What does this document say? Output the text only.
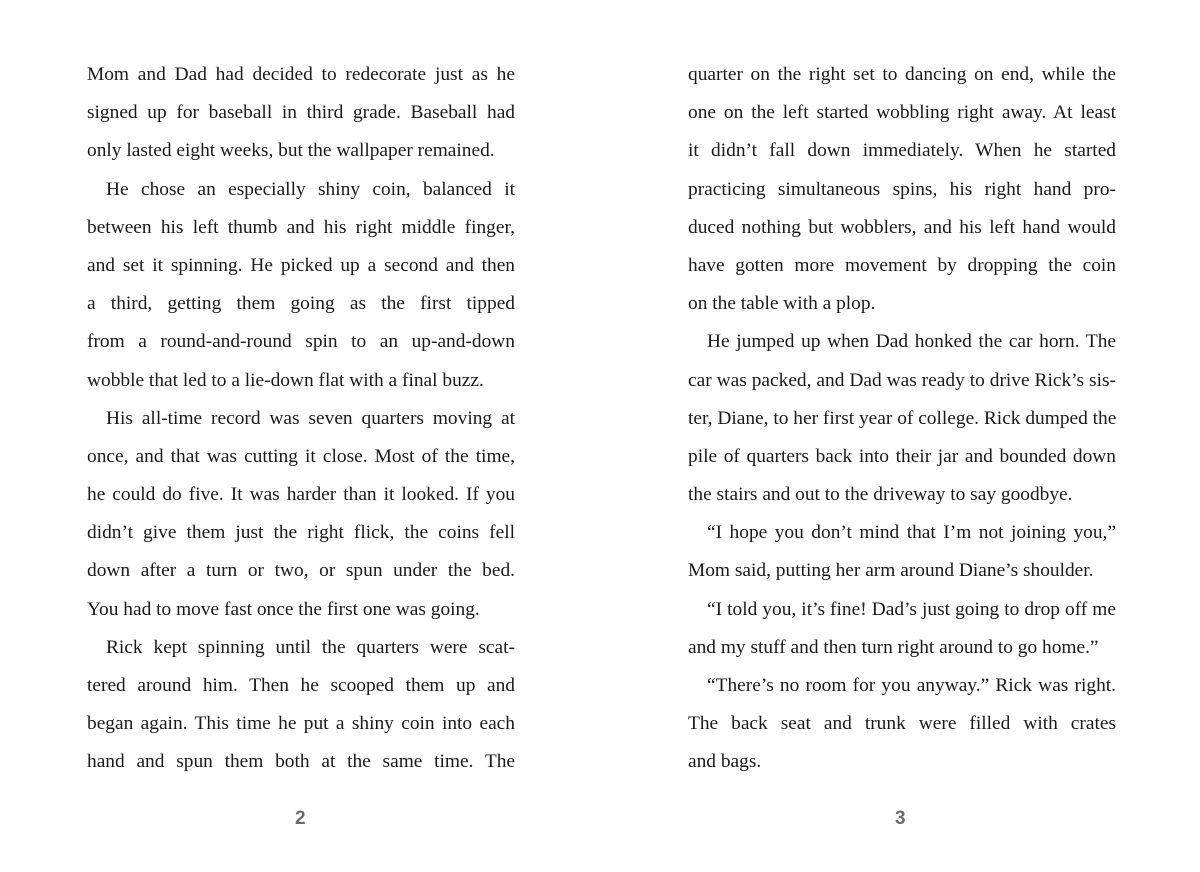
Mom and Dad had decided to redecorate just as he
signed up for baseball in third grade. Baseball had
only lasted eight weeks, but the wallpaper remained.
He chose an especially shiny coin, balanced it
between his left thumb and his right middle finger,
and set it spinning. He picked up a second and then
a third, getting them going as the first tipped
from a round-and-round spin to an up-and-down
wobble that led to a lie-down flat with a final buzz.
His all-time record was seven quarters moving at
once, and that was cutting it close. Most of the time,
he could do five. It was harder than it looked. If you
didn’t give them just the right flick, the coins fell
down after a turn or two, or spun under the bed.
You had to move fast once the first one was going.
Rick kept spinning until the quarters were scat-
tered around him. Then he scooped them up and
began again. This time he put a shiny coin into each
hand and spun them both at the same time. The
quarter on the right set to dancing on end, while the
one on the left started wobbling right away. At least
it didn’t fall down immediately. When he started
practicing simultaneous spins, his right hand pro-
duced nothing but wobblers, and his left hand would
have gotten more movement by dropping the coin
on the table with a plop.
He jumped up when Dad honked the car horn. The
car was packed, and Dad was ready to drive Rick’s sis-
ter, Diane, to her first year of college. Rick dumped the
pile of quarters back into their jar and bounded down
the stairs and out to the driveway to say goodbye.
“I hope you don’t mind that I’m not joining you,”
Mom said, putting her arm around Diane’s shoulder.
“I told you, it’s fine! Dad’s just going to drop off me
and my stuff and then turn right around to go home.”
“There’s no room for you anyway.” Rick was right.
The back seat and trunk were filled with crates
and bags.
2	3
